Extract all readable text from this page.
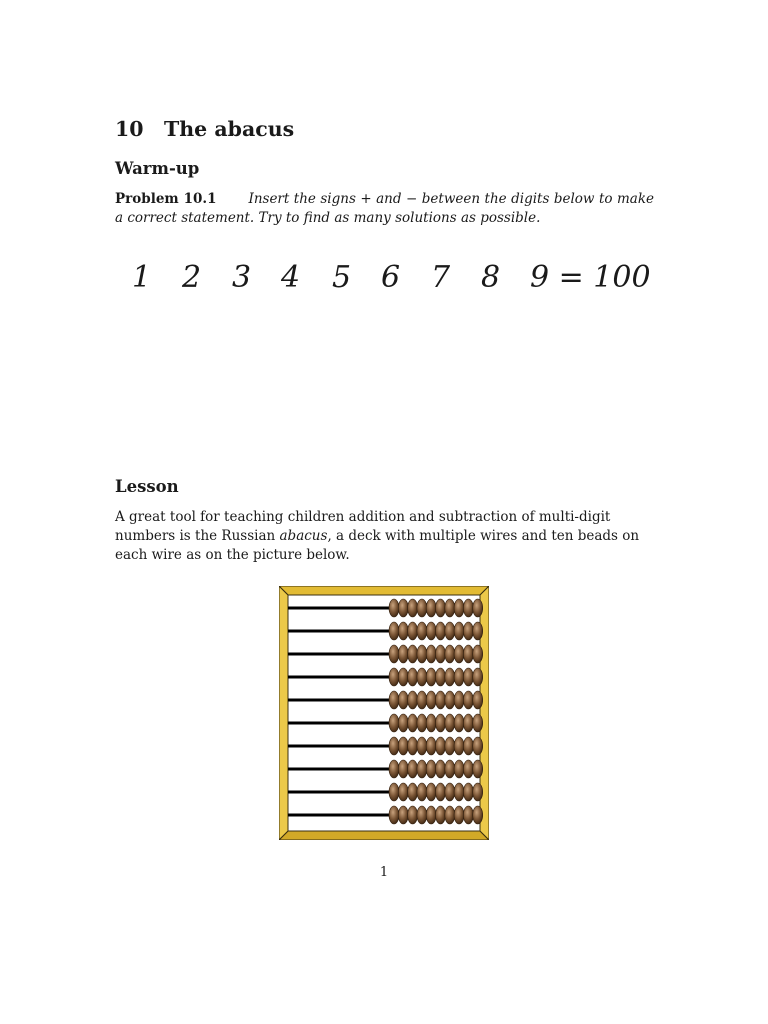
10 The abacus
Warm-up
Problem 10.1 Insert the signs + and − between the digits below to make a correct statement. Try to find as many solutions as possible.
1 2 3 4 5 6 7 8 9 = 100
Lesson
A great tool for teaching children addition and subtraction of multi-digit numbers is the Russian abacus, a deck with multiple wires and ten beads on each wire as on the picture below.
1
